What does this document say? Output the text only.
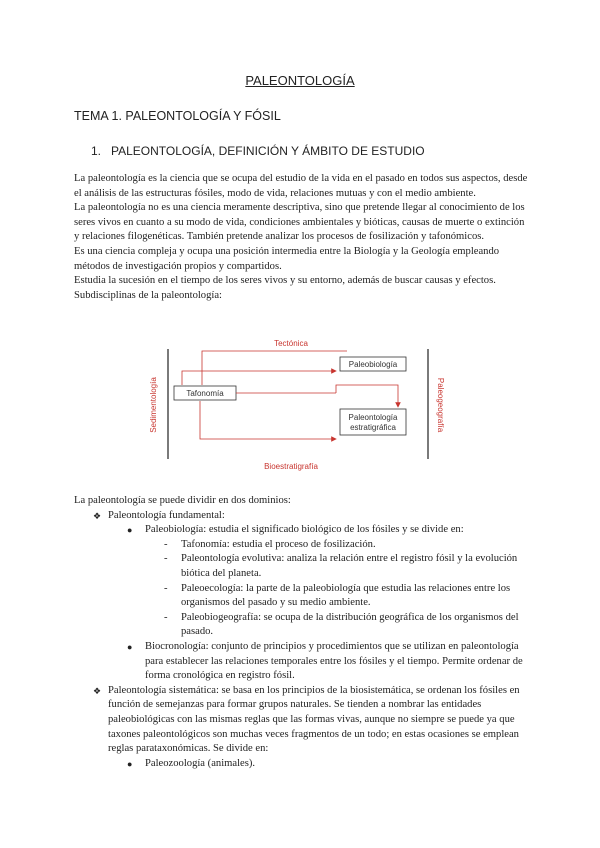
PALEONTOLOGÍA
TEMA 1. PALEONTOLOGÍA Y FÓSIL
1. PALEONTOLOGÍA, DEFINICIÓN Y ÁMBITO DE ESTUDIO

La paleontología es la ciencia que se ocupa del estudio de la vida en el pasado en todos sus aspectos, desde el análisis de las estructuras fósiles, modo de vida, relaciones mutuas y con el medio ambiente.

La paleontología no es una ciencia meramente descriptiva, sino que pretende llegar al conocimiento de los seres vivos en cuanto a su modo de vida, condiciones ambientales y bióticas, causas de muerte o extinción y relaciones filogenéticas. También pretende analizar los procesos de fosilización y tafonómicos.

Es una ciencia compleja y ocupa una posición intermedia entre la Biología y la Geología empleando métodos de investigación propios y compartidos.

Estudia la sucesión en el tiempo de los seres vivos y su entorno, además de buscar causas y efectos.

Subdisciplinas de la paleontología:

Tectónica
Bioestratigrafía
Sedimentología	Paleogeografía
Paleobiología
Tafonomía
Paleontología
estratigráfica

La paleontología se puede dividir en dos dominios:

❖ Paleontología fundamental:
● Paleobiología: estudia el significado biológico de los fósiles y se divide en:
- Tafonomía: estudia el proceso de fosilización.
- Paleontología evolutiva: analiza la relación entre el registro fósil y la evolución biótica del planeta.
- Paleoecología: la parte de la paleobiología que estudia las relaciones entre los organismos del pasado y su medio ambiente.
- Paleobiogeografía: se ocupa de la distribución geográfica de los organismos del pasado.
● Biocronología: conjunto de principios y procedimientos que se utilizan en paleontología para establecer las relaciones temporales entre los fósiles y el tiempo. Permite ordenar de forma cronológica en registro fósil.
❖ Paleontología sistemática: se basa en los principios de la biosistemática, se ordenan los fósiles en función de semejanzas para formar grupos naturales. Se tienden a nombrar las entidades paleobiológicas con las mismas reglas que las formas vivas, aunque no siempre se puede ya que taxones paleontológicos son muchas veces fragmentos de un todo; en estas ocasiones se emplean reglas parataxonómicas. Se divide en:
● Paleozoología (animales).
